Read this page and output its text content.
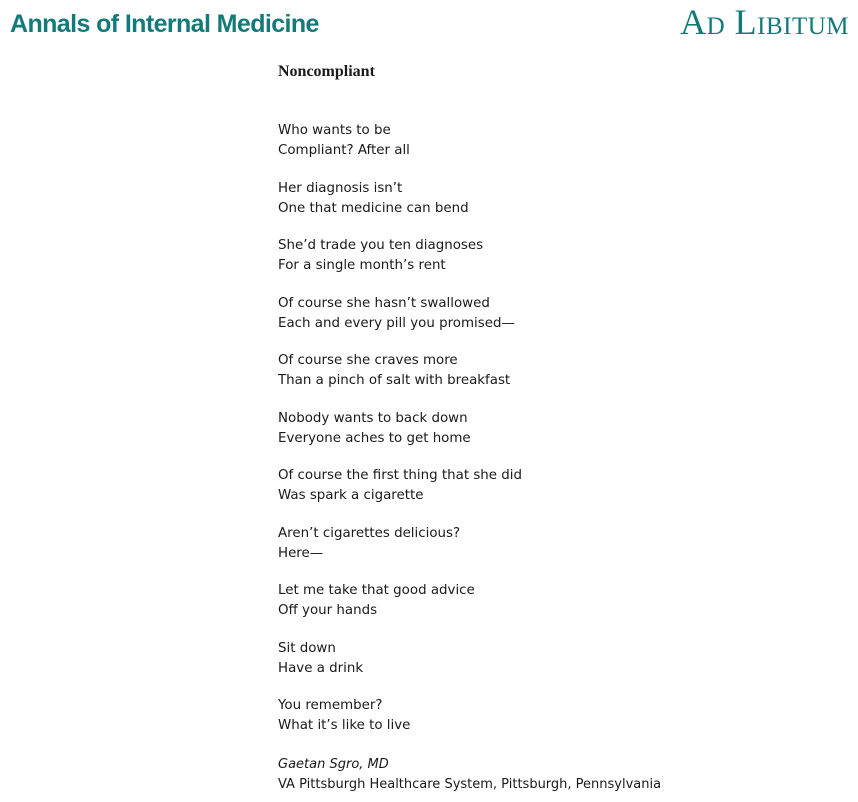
Annals of Internal Medicine	Ad Libitum
Noncompliant
Who wants to be
Compliant? After all
Her diagnosis isn’t
One that medicine can bend
She’d trade you ten diagnoses
For a single month’s rent
Of course she hasn’t swallowed
Each and every pill you promised—
Of course she craves more
Than a pinch of salt with breakfast
Nobody wants to back down
Everyone aches to get home
Of course the first thing that she did
Was spark a cigarette
Aren’t cigarettes delicious?
Here—
Let me take that good advice
Off your hands
Sit down
Have a drink
You remember?
What it’s like to live
Gaetan Sgro, MD
VA Pittsburgh Healthcare System, Pittsburgh, Pennsylvania
